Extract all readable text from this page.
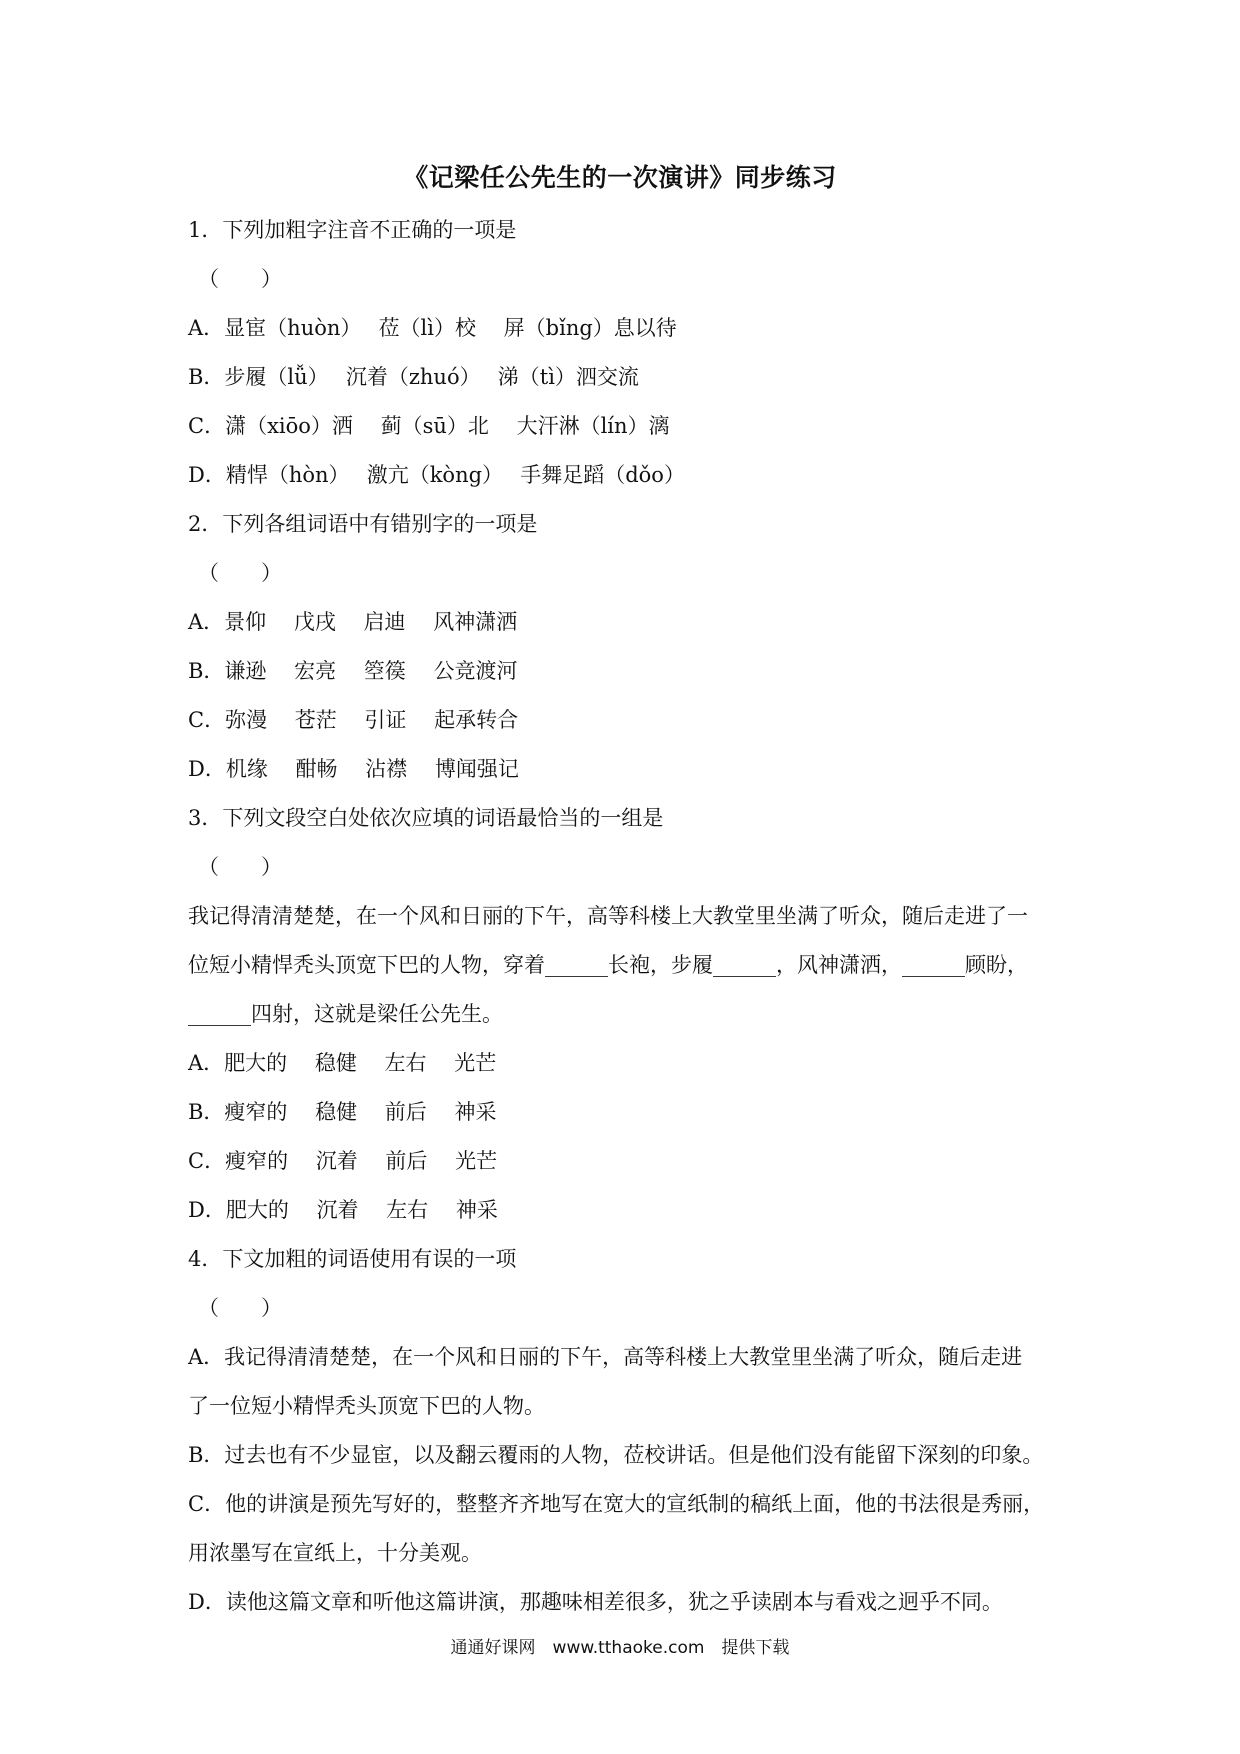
《记梁任公先生的一次演讲》同步练习
1．下列加粗字注音不正确的一项是
（　　）
A．显宦（huòn）　 莅（lì）校　 屏（bǐng）息以待
B．步履（lǚ）　 沉着（zhuó）　 涕（tì）泗交流
C．潇（xiōo）洒　 蓟（sū）北　 大汗淋（lín）漓
D．精悍（hòn）　 激亢（kòng）　 手舞足蹈（dǒo）
2．下列各组词语中有错别字的一项是
（　　）
A．景仰　 戊戌　 启迪　 风神潇洒
B．谦逊　 宏亮　 箜篌　 公竞渡河
C．弥漫　 苍茫　 引证　 起承转合
D．机缘　 酣畅　 沾襟　 博闻强记
3．下列文段空白处依次应填的词语最恰当的一组是
（　　）
我记得清清楚楚，在一个风和日丽的下午，高等科楼上大教堂里坐满了听众，随后走进了一
位短小精悍秃头顶宽下巴的人物，穿着______长袍，步履______，风神潇洒，______顾盼，
______四射，这就是梁任公先生。
A．肥大的　 稳健　 左右　 光芒
B．瘦窄的　 稳健　 前后　 神采
C．瘦窄的　 沉着　 前后　 光芒
D．肥大的　 沉着　 左右　 神采
4．下文加粗的词语使用有误的一项
（　　）
A．我记得清清楚楚，在一个风和日丽的下午，高等科楼上大教堂里坐满了听众，随后走进
了一位短小精悍秃头顶宽下巴的人物。
B．过去也有不少显宦，以及翻云覆雨的人物，莅校讲话。但是他们没有能留下深刻的印象。
C．他的讲演是预先写好的，整整齐齐地写在宽大的宣纸制的稿纸上面，他的书法很是秀丽，
用浓墨写在宣纸上，十分美观。
D．读他这篇文章和听他这篇讲演，那趣味相差很多，犹之乎读剧本与看戏之迥乎不同。
通通好课网　www.tthaoke.com　提供下载
